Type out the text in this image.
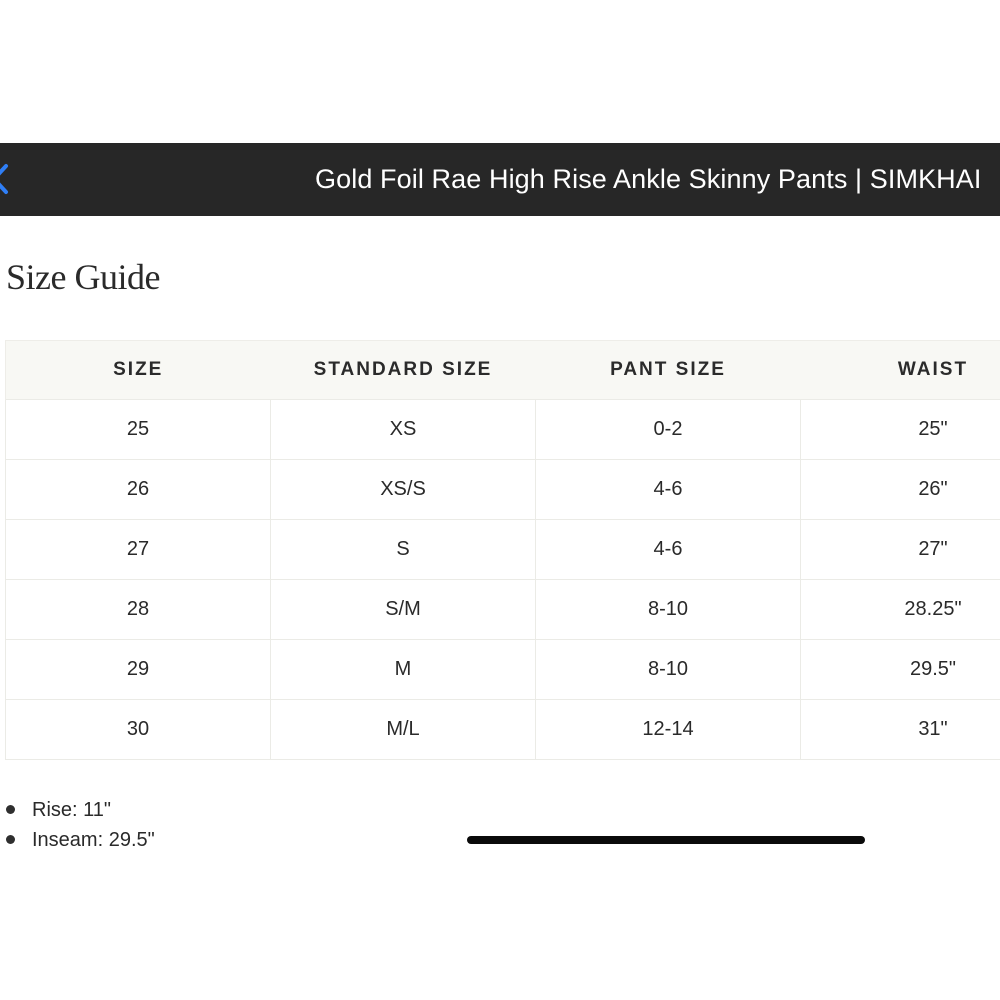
Gold Foil Rae High Rise Ankle Skinny Pants | SIMKHAI
Size Guide
SIZE	STANDARD SIZE	PANT SIZE	WAIST
25	XS	0-2	25"
26	XS/S	4-6	26"
27	S	4-6	27"
28	S/M	8-10	28.25"
29	M	8-10	29.5"
30	M/L	12-14	31"
Rise: 11"
Inseam: 29.5"
